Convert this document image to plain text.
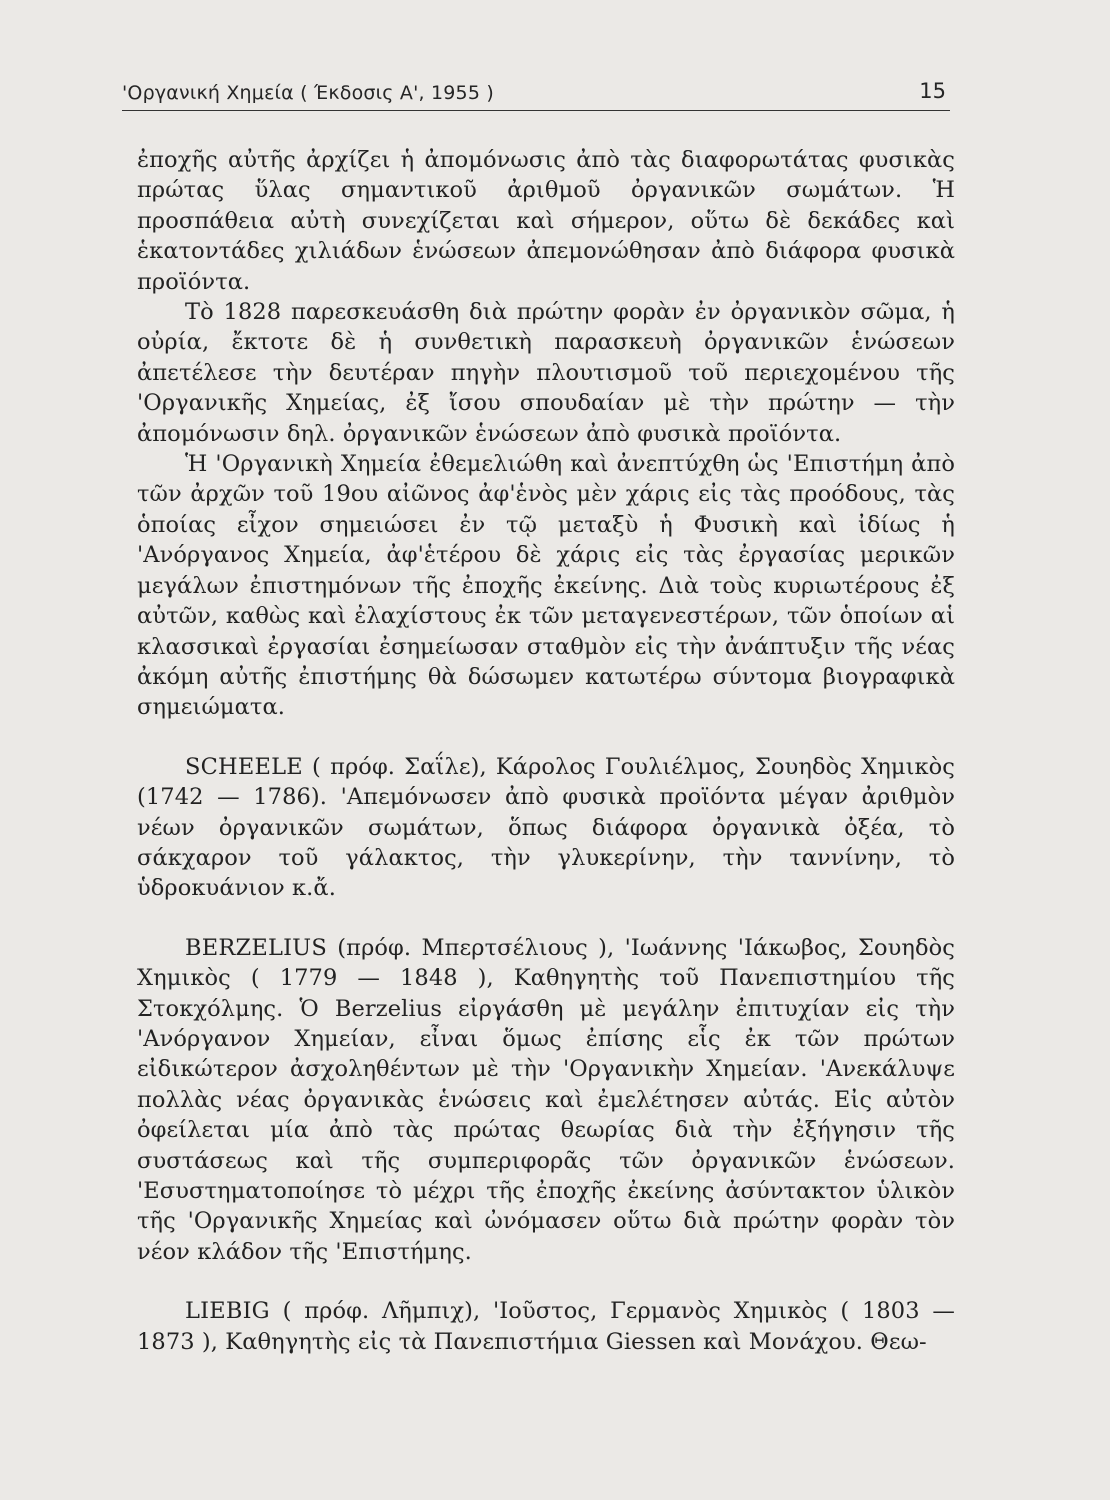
'Οργανική Χημεία ( Έκδοσις Α', 1955 )	15

ἐποχῆς αὐτῆς ἀρχίζει ἡ ἀπομόνωσις ἀπὸ τὰς διαφορωτάτας φυσικὰς πρώτας ὕλας σημαντικοῦ ἀριθμοῦ ὀργανικῶν σωμάτων. Ἡ προσπάθεια αὐτὴ συνεχίζεται καὶ σήμερον, οὕτω δὲ δεκάδες καὶ ἑκατοντάδες χιλιάδων ἑνώσεων ἀπεμονώθησαν ἀπὸ διάφορα φυσικὰ προϊόντα.

Τὸ 1828 παρεσκευάσθη διὰ πρώτην φορὰν ἐν ὀργανικὸν σῶμα, ἡ οὐρία, ἔκτοτε δὲ ἡ συνθετικὴ παρασκευὴ ὀργανικῶν ἑνώσεων ἀπετέλεσε τὴν δευτέραν πηγὴν πλουτισμοῦ τοῦ περιεχομένου τῆς 'Οργανικῆς Χημείας, ἐξ ἴσου σπουδαίαν μὲ τὴν πρώτην — τὴν ἀπομόνωσιν δηλ. ὀργανικῶν ἑνώσεων ἀπὸ φυσικὰ προϊόντα.

Ἡ 'Οργανικὴ Χημεία ἐθεμελιώθη καὶ ἀνεπτύχθη ὡς 'Επιστήμη ἀπὸ τῶν ἀρχῶν τοῦ 19ου αἰῶνος ἀφ'ἑνὸς μὲν χάρις εἰς τὰς προόδους, τὰς ὁποίας εἶχον σημειώσει ἐν τῷ μεταξὺ ἡ Φυσικὴ καὶ ἰδίως ἡ 'Ανόργανος Χημεία, ἀφ'ἑτέρου δὲ χάρις εἰς τὰς ἐργασίας μερικῶν μεγάλων ἐπιστημόνων τῆς ἐποχῆς ἐκείνης. Διὰ τοὺς κυριωτέρους ἐξ αὐτῶν, καθὼς καὶ ἐλαχίστους ἐκ τῶν μεταγενεστέρων, τῶν ὁποίων αἱ κλασσικαὶ ἐργασίαι ἐσημείωσαν σταθμὸν εἰς τὴν ἀνάπτυξιν τῆς νέας ἀκόμη αὐτῆς ἐπιστήμης θὰ δώσωμεν κατωτέρω σύντομα βιογραφικὰ σημειώματα.

SCHEELE ( πρόφ. Σαΐλε), Κάρολος Γουλιέλμος, Σουηδὸς Χημικὸς (1742 — 1786). 'Απεμόνωσεν ἀπὸ φυσικὰ προϊόντα μέγαν ἀριθμὸν νέων ὀργανικῶν σωμάτων, ὅπως διάφορα ὀργανικὰ ὀξέα, τὸ σάκχαρον τοῦ γάλακτος, τὴν γλυκερίνην, τὴν ταννίνην, τὸ ὑδροκυάνιον κ.ἄ.

BERZELIUS (πρόφ. Μπερτσέλιους ), 'Ιωάννης 'Ιάκωβος, Σουηδὸς Χημικὸς ( 1779 — 1848 ), Καθηγητὴς τοῦ Πανεπιστημίου τῆς Στοκχόλμης. Ὁ Berzelius εἰργάσθη μὲ μεγάλην ἐπιτυχίαν εἰς τὴν 'Ανόργανον Χημείαν, εἶναι ὅμως ἐπίσης εἷς ἐκ τῶν πρώτων εἰδικώτερον ἀσχοληθέντων μὲ τὴν 'Οργανικὴν Χημείαν. 'Ανεκάλυψε πολλὰς νέας ὀργανικὰς ἑνώσεις καὶ ἐμελέτησεν αὐτάς. Εἰς αὐτὸν ὀφείλεται μία ἀπὸ τὰς πρώτας θεωρίας διὰ τὴν ἐξήγησιν τῆς συστάσεως καὶ τῆς συμπεριφορᾶς τῶν ὀργανικῶν ἑνώσεων. 'Εσυστηματοποίησε τὸ μέχρι τῆς ἐποχῆς ἐκείνης ἀσύντακτον ὑλικὸν τῆς 'Οργανικῆς Χημείας καὶ ὠνόμασεν οὕτω διὰ πρώτην φορὰν τὸν νέον κλάδον τῆς 'Επιστήμης.

LIEBIG ( πρόφ. Λῆμπιχ), 'Ιοῦστος, Γερμανὸς Χημικὸς ( 1803 — 1873 ), Καθηγητὴς εἰς τὰ Πανεπιστήμια Giessen καὶ Μονάχου. Θεω-
